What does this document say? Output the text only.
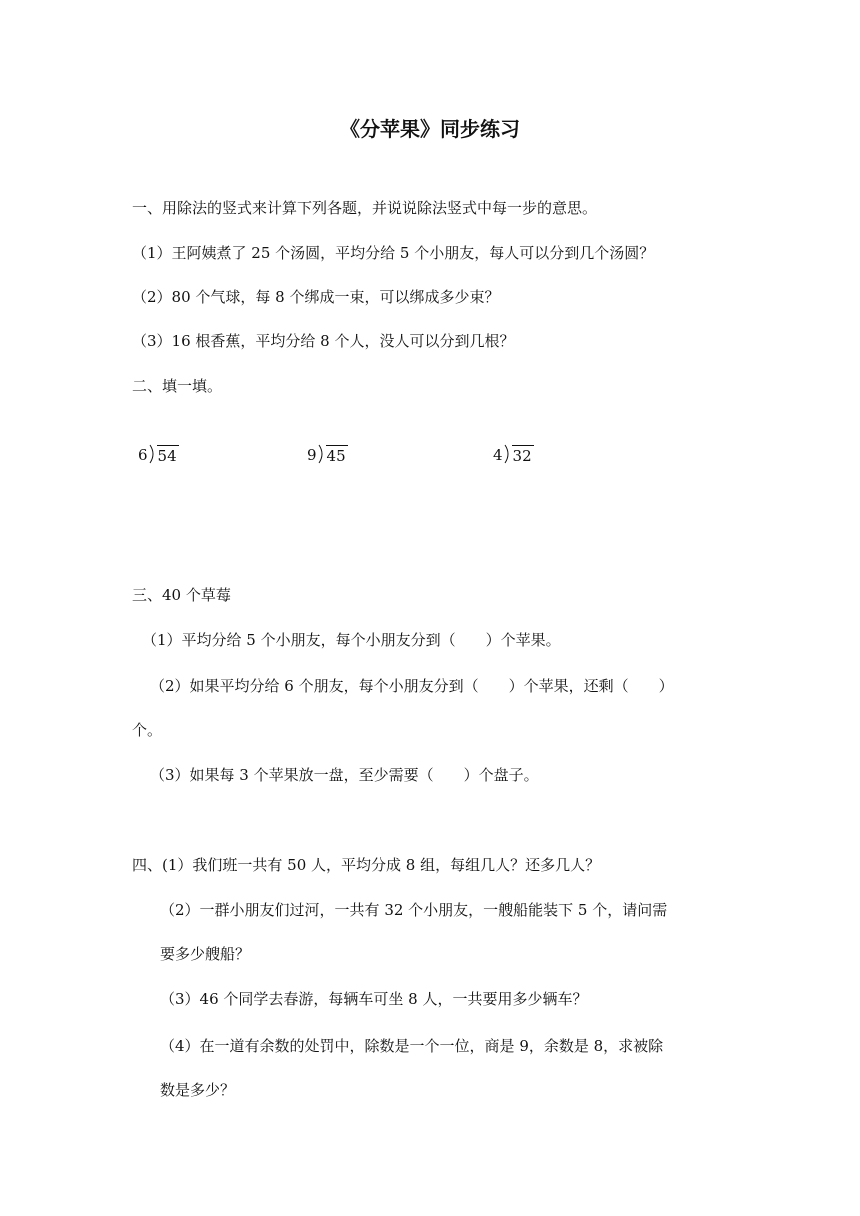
《分苹果》同步练习
一、用除法的竖式来计算下列各题，并说说除法竖式中每一步的意思。
（1）王阿姨煮了 25 个汤圆，平均分给 5 个小朋友，每人可以分到几个汤圆？
（2）80 个气球，每 8 个绑成一束，可以绑成多少束？
（3）16 根香蕉，平均分给 8 个人，没人可以分到几根？
二、填一填。
6 54	9 45	4 32
三、40 个草莓
（1）平均分给 5 个小朋友，每个小朋友分到（　　）个苹果。
（2）如果平均分给 6 个朋友，每个小朋友分到（　　）个苹果，还剩（　　）
个。
（3）如果每 3 个苹果放一盘，至少需要（　　）个盘子。
四、(1）我们班一共有 50 人，平均分成 8 组，每组几人？还多几人？
（2）一群小朋友们过河，一共有 32 个小朋友，一艘船能装下 5 个，请问需
要多少艘船？
（3）46 个同学去春游，每辆车可坐 8 人，一共要用多少辆车？
（4）在一道有余数的处罚中，除数是一个一位，商是 9，余数是 8，求被除
数是多少？
